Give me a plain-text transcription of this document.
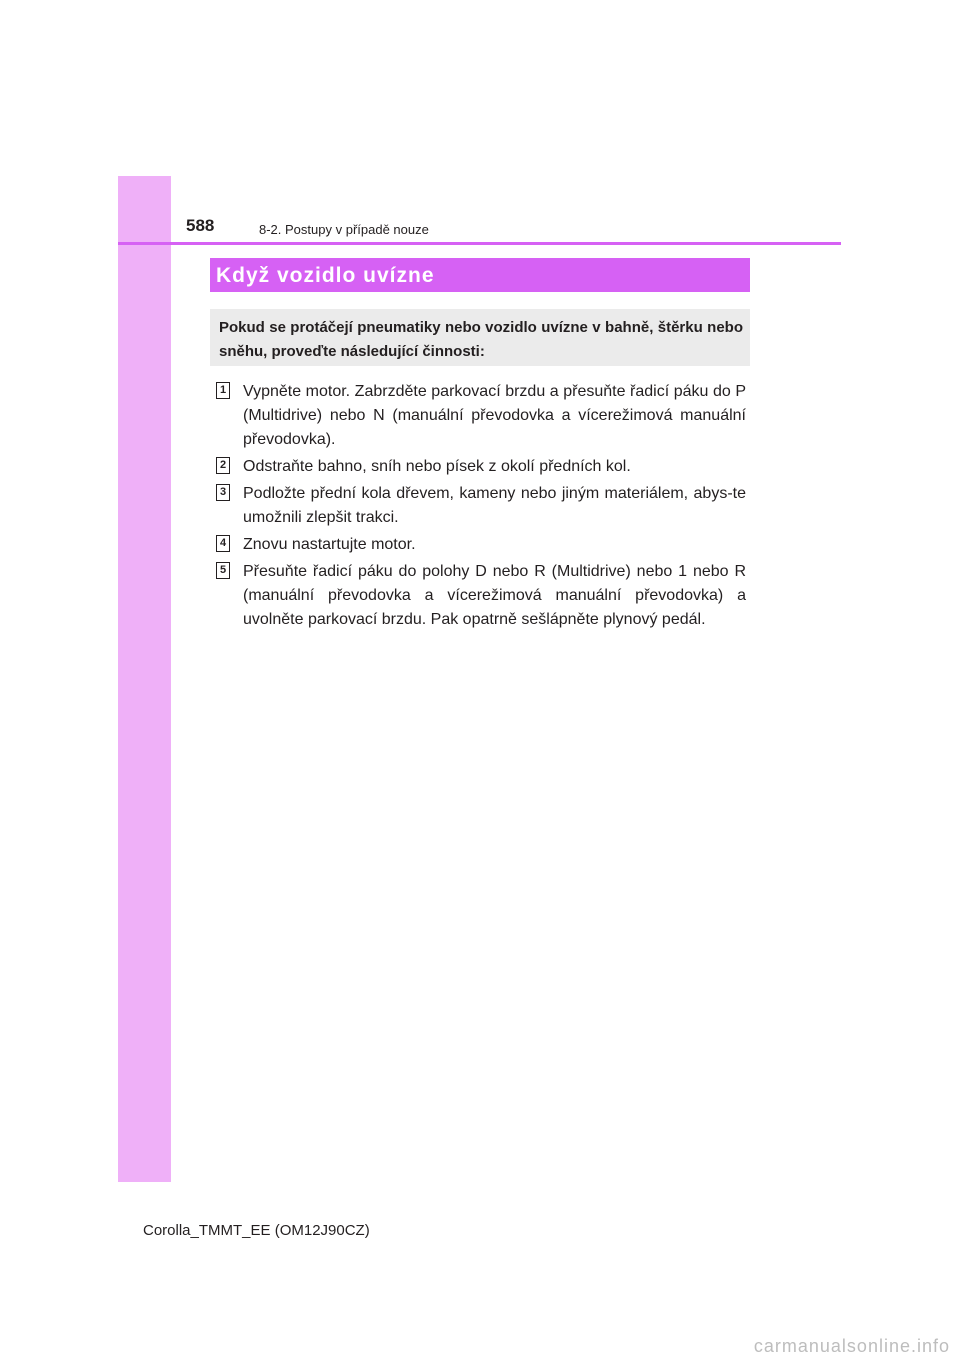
588	8-2. Postupy v případě nouze
Když vozidlo uvízne
Pokud se protáčejí pneumatiky nebo vozidlo uvízne v bahně, štěrku nebo sněhu, proveďte následující činnosti:
1 Vypněte motor. Zabrzděte parkovací brzdu a přesuňte řadicí páku do P (Multidrive) nebo N (manuální převodovka a vícerežimová manuální převodovka).
2 Odstraňte bahno, sníh nebo písek z okolí předních kol.
3 Podložte přední kola dřevem, kameny nebo jiným materiálem, abys-te umožnili zlepšit trakci.
4 Znovu nastartujte motor.
5 Přesuňte řadicí páku do polohy D nebo R (Multidrive) nebo 1 nebo R (manuální převodovka a vícerežimová manuální převodovka) a uvolněte parkovací brzdu. Pak opatrně sešlápněte plynový pedál.
Corolla_TMMT_EE (OM12J90CZ)
carmanualsonline.info
